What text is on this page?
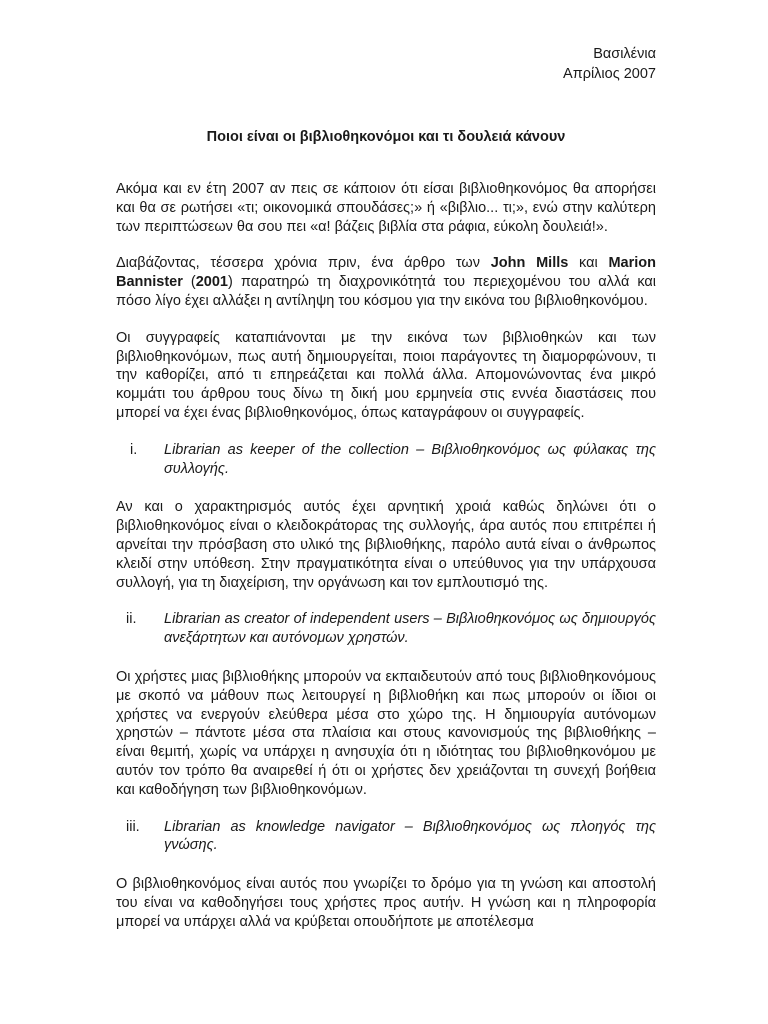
Βασιλένια
Απρίλιος 2007
Ποιοι είναι οι βιβλιοθηκονόμοι και τι δουλειά κάνουν

Ακόμα και εν έτη 2007 αν πεις σε κάποιον ότι είσαι βιβλιοθηκονόμος θα απορήσει και θα σε ρωτήσει «τι; οικονομικά σπουδάσες;» ή «βιβλιο... τι;», ενώ στην καλύτερη των περιπτώσεων θα σου πει «α! βάζεις βιβλία στα ράφια, εύκολη δουλειά!».

Διαβάζοντας, τέσσερα χρόνια πριν, ένα άρθρο των John Mills και Marion Bannister (2001) παρατηρώ τη διαχρονικότητά του περιεχομένου του αλλά και πόσο λίγο έχει αλλάξει η αντίληψη του κόσμου για την εικόνα του βιβλιοθηκονόμου.

Οι συγγραφείς καταπιάνονται με την εικόνα των βιβλιοθηκών και των βιβλιοθηκονόμων, πως αυτή δημιουργείται, ποιοι παράγοντες τη διαμορφώνουν, τι την καθορίζει, από τι επηρεάζεται και πολλά άλλα. Απομονώνοντας ένα μικρό κομμάτι του άρθρου τους δίνω τη δική μου ερμηνεία στις εννέα διαστάσεις που μπορεί να έχει ένας βιβλιοθηκονόμος, όπως καταγράφουν οι συγγραφείς.

i.	Librarian as keeper of the collection – Βιβλιοθηκονόμος ως φύλακας της συλλογής.

Αν και ο χαρακτηρισμός αυτός έχει αρνητική χροιά καθώς δηλώνει ότι ο βιβλιοθηκονόμος είναι ο κλειδοκράτορας της συλλογής, άρα αυτός που επιτρέπει ή αρνείται την πρόσβαση στο υλικό της βιβλιοθήκης, παρόλο αυτά είναι ο άνθρωπος κλειδί στην υπόθεση. Στην πραγματικότητα είναι ο υπεύθυνος για την υπάρχουσα συλλογή, για τη διαχείριση, την οργάνωση και τον εμπλουτισμό της.

ii.	Librarian as creator of independent users – Βιβλιοθηκονόμος ως δημιουργός ανεξάρτητων και αυτόνομων χρηστών.

Οι χρήστες μιας βιβλιοθήκης μπορούν να εκπαιδευτούν από τους βιβλιοθηκονόμους με σκοπό να μάθουν πως λειτουργεί η βιβλιοθήκη και πως μπορούν οι ίδιοι οι χρήστες να ενεργούν ελεύθερα μέσα στο χώρο της. Η δημιουργία αυτόνομων χρηστών – πάντοτε μέσα στα πλαίσια και στους κανονισμούς της βιβλιοθήκης – είναι θεμιτή, χωρίς να υπάρχει η ανησυχία ότι η ιδιότητας του βιβλιοθηκονόμου με αυτόν τον τρόπο θα αναιρεθεί ή ότι οι χρήστες δεν χρειάζονται τη συνεχή βοήθεια και καθοδήγηση των βιβλιοθηκονόμων.

iii.	Librarian as knowledge navigator – Βιβλιοθηκονόμος ως πλοηγός της γνώσης.

Ο βιβλιοθηκονόμος είναι αυτός που γνωρίζει το δρόμο για τη γνώση και αποστολή του είναι να καθοδηγήσει τους χρήστες προς αυτήν. Η γνώση και η πληροφορία μπορεί να υπάρχει αλλά να κρύβεται οπουδήποτε με αποτέλεσμα
